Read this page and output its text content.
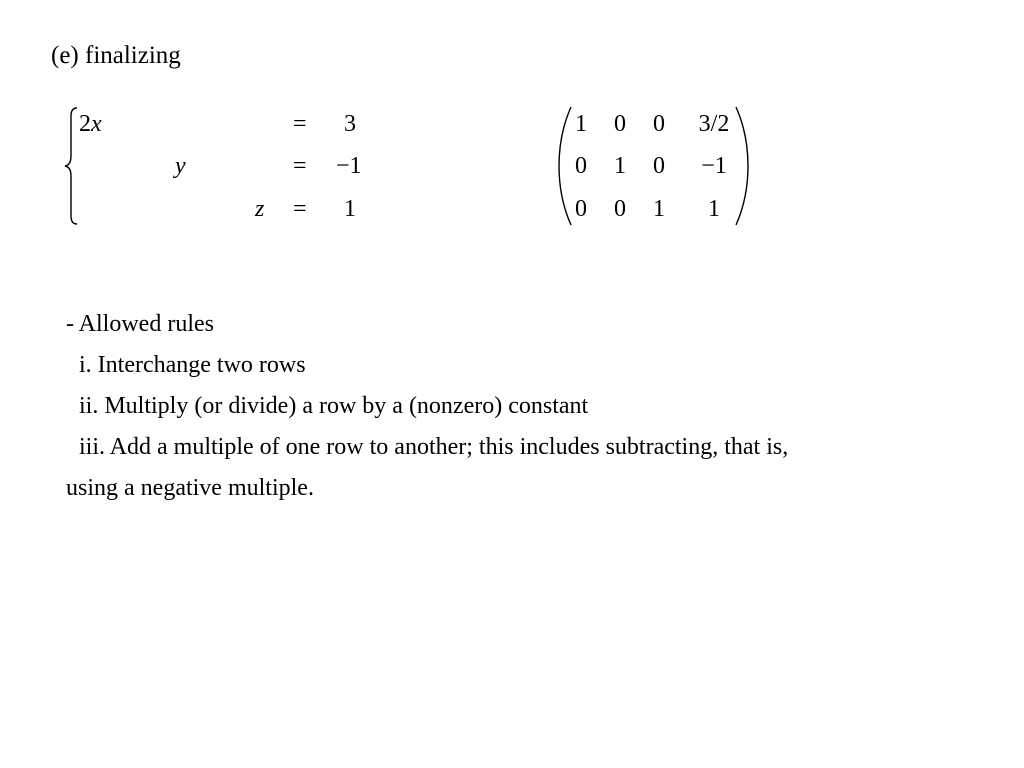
(e) finalizing
2x	= 3
y	= −1
z = 1
1 0 0	3/2
0 1 0	−1
0 0 1	1
- Allowed rules
i. Interchange two rows
ii. Multiply (or divide) a row by a (nonzero) constant
iii. Add a multiple of one row to another; this includes subtracting, that is,
using a negative multiple.
